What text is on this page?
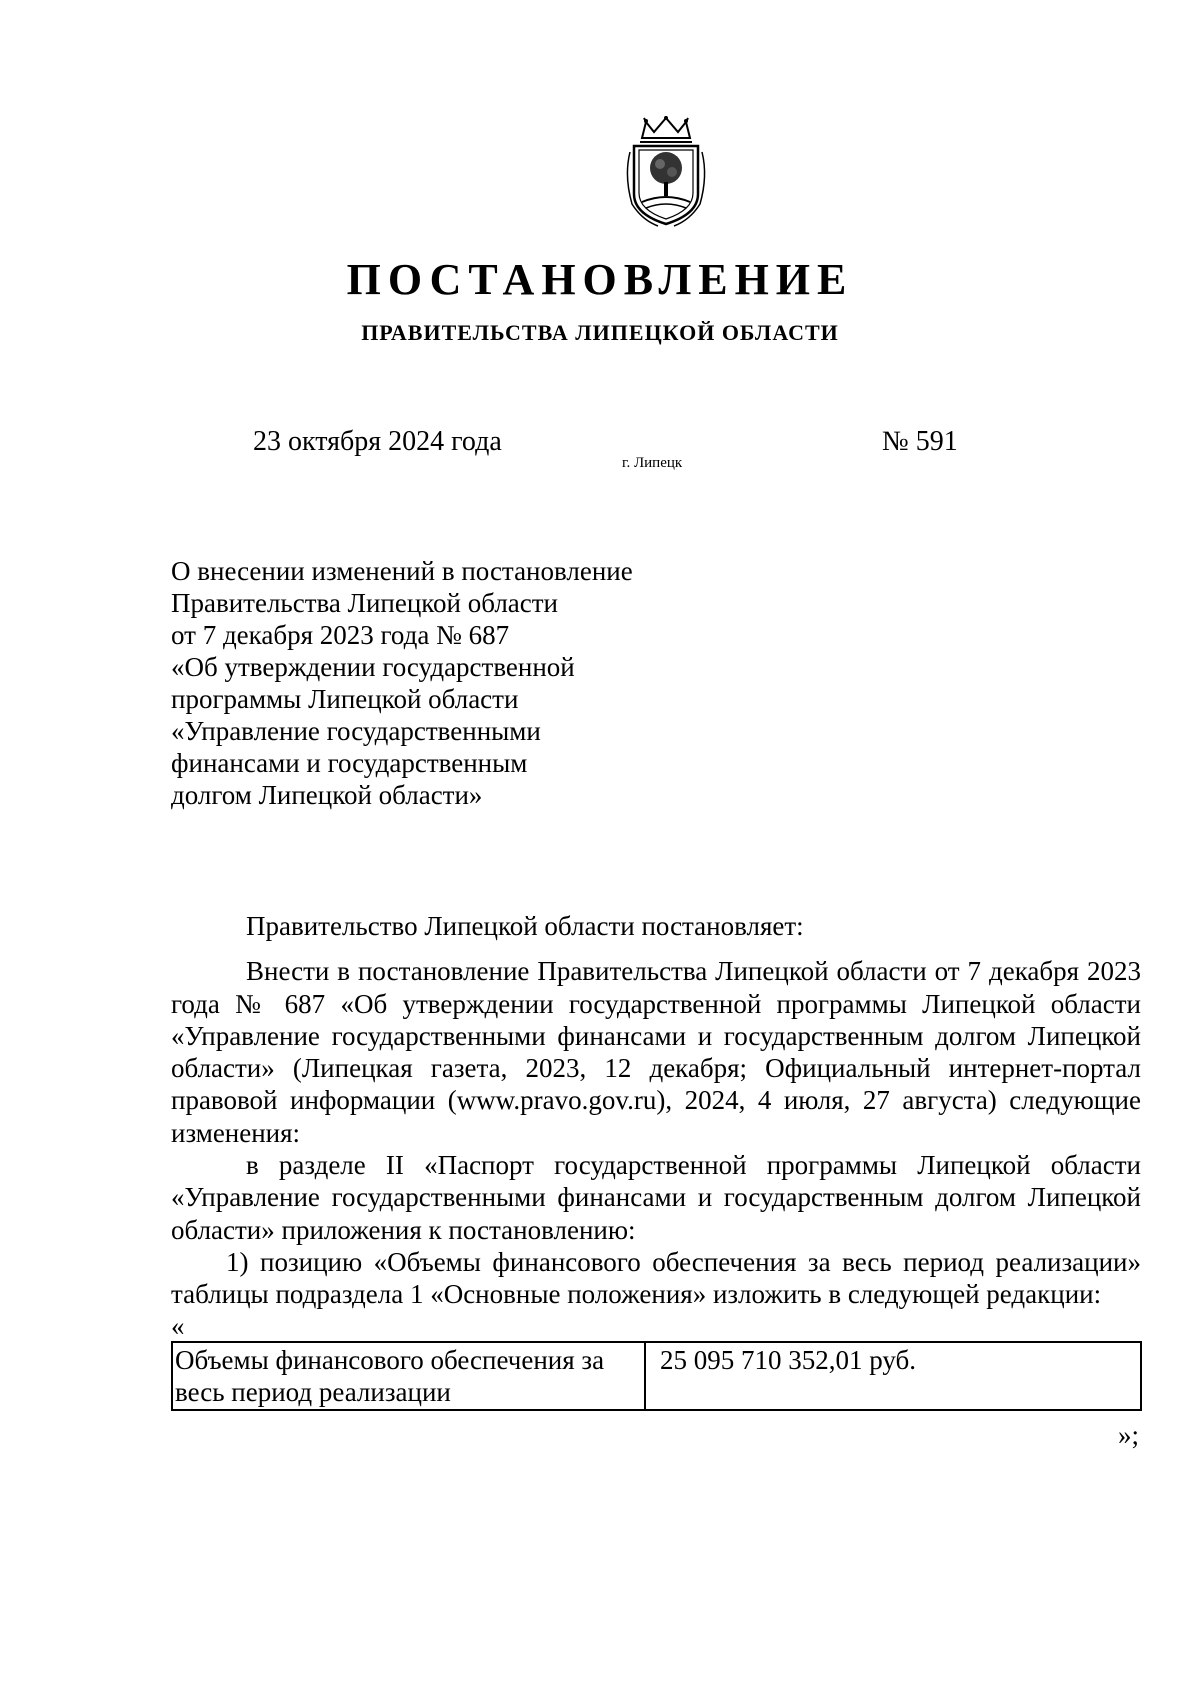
ПОСТАНОВЛЕНИЕ
ПРАВИТЕЛЬСТВА ЛИПЕЦКОЙ ОБЛАСТИ
23 октября 2024 года
г. Липецк
№ 591
О внесении изменений в постановление
Правительства Липецкой области
от 7 декабря 2023 года № 687
«Об утверждении государственной
программы Липецкой области
«Управление государственными
финансами и государственным
долгом Липецкой области»

Правительство Липецкой области постановляет:

Внести в постановление Правительства Липецкой области от 7 декабря 2023 года № 687 «Об утверждении государственной программы Липецкой области «Управление государственными финансами и государственным долгом Липецкой области» (Липецкая газета, 2023, 12 декабря; Официальный интернет-портал правовой информации (www.pravo.gov.ru), 2024, 4 июля, 27 августа) следующие изменения:

в разделе II «Паспорт государственной программы Липецкой области «Управление государственными финансами и государственным долгом Липецкой области» приложения к постановлению:

1) позицию «Объемы финансового обеспечения за весь период реализации» таблицы подраздела 1 «Основные положения» изложить в следующей редакции:

«

Объемы финансового обеспечения за весь период реализации	25 095 710 352,01 руб.

»;
